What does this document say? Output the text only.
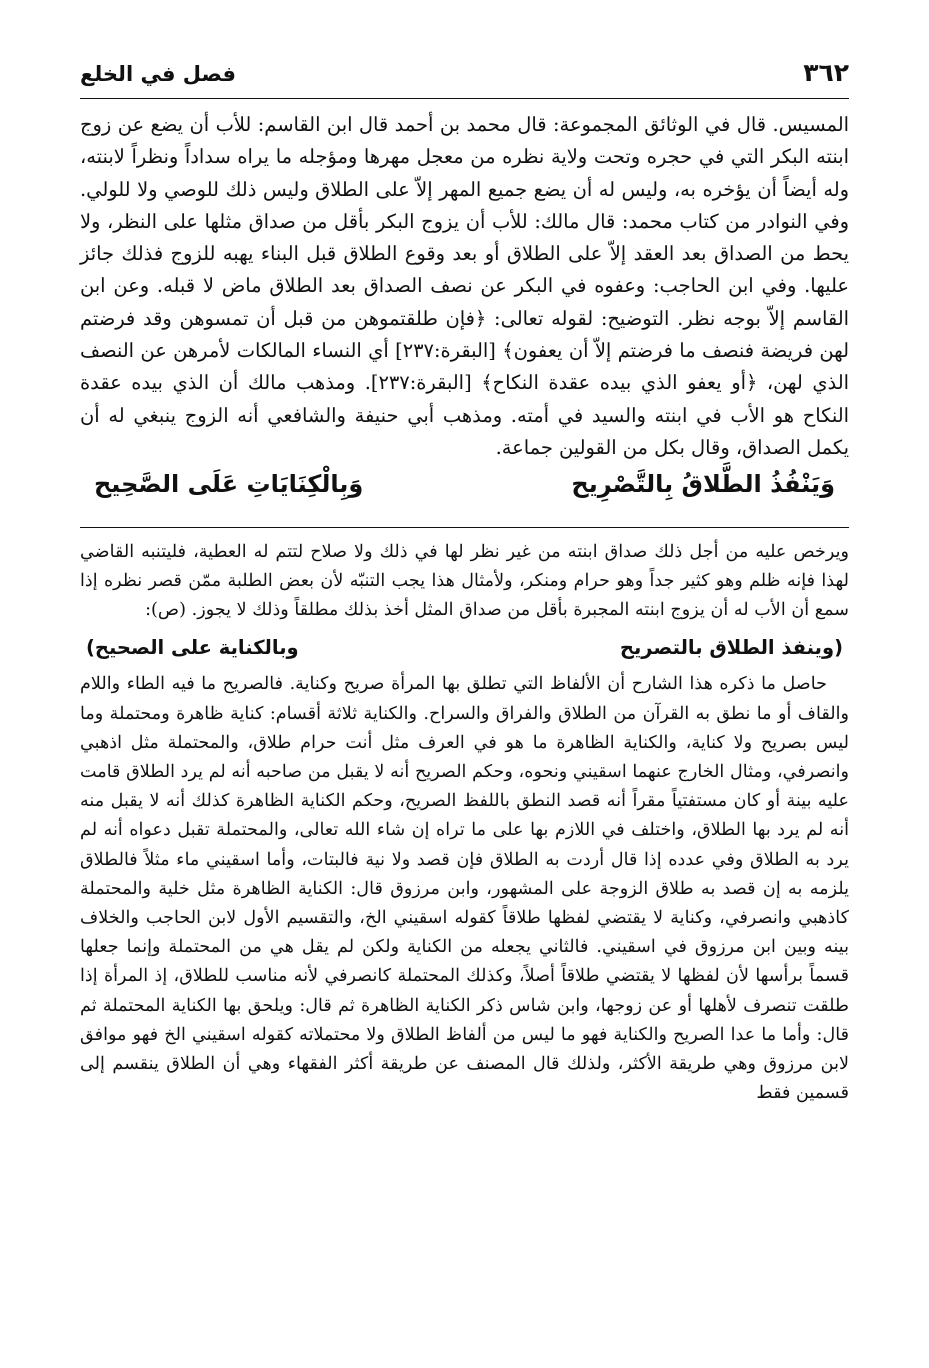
٣٦٢
فصل في الخلع

المسيس. قال في الوثائق المجموعة: قال محمد بن أحمد قال ابن القاسم: للأب أن يضع عن زوج ابنته البكر التي في حجره وتحت ولاية نظره من معجل مهرها ومؤجله ما يراه سداداً ونظراً لابنته، وله أيضاً أن يؤخره به، وليس له أن يضع جميع المهر إلاّ على الطلاق وليس ذلك للوصي ولا للولي. وفي النوادر من كتاب محمد: قال مالك: للأب أن يزوج البكر بأقل من صداق مثلها على النظر، ولا يحط من الصداق بعد العقد إلاّ على الطلاق أو بعد وقوع الطلاق قبل البناء يهبه للزوج فذلك جائز عليها. وفي ابن الحاجب: وعفوه في البكر عن نصف الصداق بعد الطلاق ماض لا قبله. وعن ابن القاسم إلاّ بوجه نظر. التوضيح: لقوله تعالى: ﴿فإن طلقتموهن من قبل أن تمسوهن وقد فرضتم لهن فريضة فنصف ما فرضتم إلاّ أن يعفون﴾ [البقرة:٢٣٧] أي النساء المالكات لأمرهن عن النصف الذي لهن، ﴿أو يعفو الذي بيده عقدة النكاح﴾ [البقرة:٢٣٧]. ومذهب مالك أن الذي بيده عقدة النكاح هو الأب في ابنته والسيد في أمته. ومذهب أبي حنيفة والشافعي أنه الزوج ينبغي له أن يكمل الصداق، وقال بكل من القولين جماعة.

وَيَنْفُذُ الطَّلاقُ بِالتَّصْرِيح
وَبِالْكِنَايَاتِ عَلَى الصَّحِيح

ويرخص عليه من أجل ذلك صداق ابنته من غير نظر لها في ذلك ولا صلاح لتتم له العطية، فليتنبه القاضي لهذا فإنه ظلم وهو كثير جداً وهو حرام ومنكر، ولأمثال هذا يجب التنبّه لأن بعض الطلبة ممّن قصر نظره إذا سمع أن الأب له أن يزوج ابنته المجبرة بأقل من صداق المثل أخذ بذلك مطلقاً وذلك لا يجوز. (ص):

(وينفذ الطلاق بالتصريح
وبالكناية على الصحيح)

حاصل ما ذكره هذا الشارح أن الألفاظ التي تطلق بها المرأة صريح وكناية. فالصريح ما فيه الطاء واللام والقاف أو ما نطق به القرآن من الطلاق والفراق والسراح. والكناية ثلاثة أقسام: كناية ظاهرة ومحتملة وما ليس بصريح ولا كناية، والكناية الظاهرة ما هو في العرف مثل أنت حرام طلاق، والمحتملة مثل اذهبي وانصرفي، ومثال الخارج عنهما اسقيني ونحوه، وحكم الصريح أنه لا يقبل من صاحبه أنه لم يرد الطلاق قامت عليه بينة أو كان مستفتياً مقراً أنه قصد النطق باللفظ الصريح، وحكم الكناية الظاهرة كذلك أنه لا يقبل منه أنه لم يرد بها الطلاق، واختلف في اللازم بها على ما تراه إن شاء الله تعالى، والمحتملة تقبل دعواه أنه لم يرد به الطلاق وفي عدده إذا قال أردت به الطلاق فإن قصد ولا نية فالبتات، وأما اسقيني ماء مثلاً فالطلاق يلزمه به إن قصد به طلاق الزوجة على المشهور، وابن مرزوق قال: الكناية الظاهرة مثل خلية والمحتملة كاذهبي وانصرفي، وكناية لا يقتضي لفظها طلاقاً كقوله اسقيني الخ، والتقسيم الأول لابن الحاجب والخلاف بينه وبين ابن مرزوق في اسقيني. فالثاني يجعله من الكناية ولكن لم يقل هي من المحتملة وإنما جعلها قسماً برأسها لأن لفظها لا يقتضي طلاقاً أصلاً، وكذلك المحتملة كانصرفي لأنه مناسب للطلاق، إذ المرأة إذا طلقت تنصرف لأهلها أو عن زوجها، وابن شاس ذكر الكناية الظاهرة ثم قال: ويلحق بها الكناية المحتملة ثم قال: وأما ما عدا الصريح والكناية فهو ما ليس من ألفاظ الطلاق ولا محتملاته كقوله اسقيني الخ فهو موافق لابن مرزوق وهي طريقة الأكثر، ولذلك قال المصنف عن طريقة أكثر الفقهاء وهي أن الطلاق ينقسم إلى قسمين فقط
